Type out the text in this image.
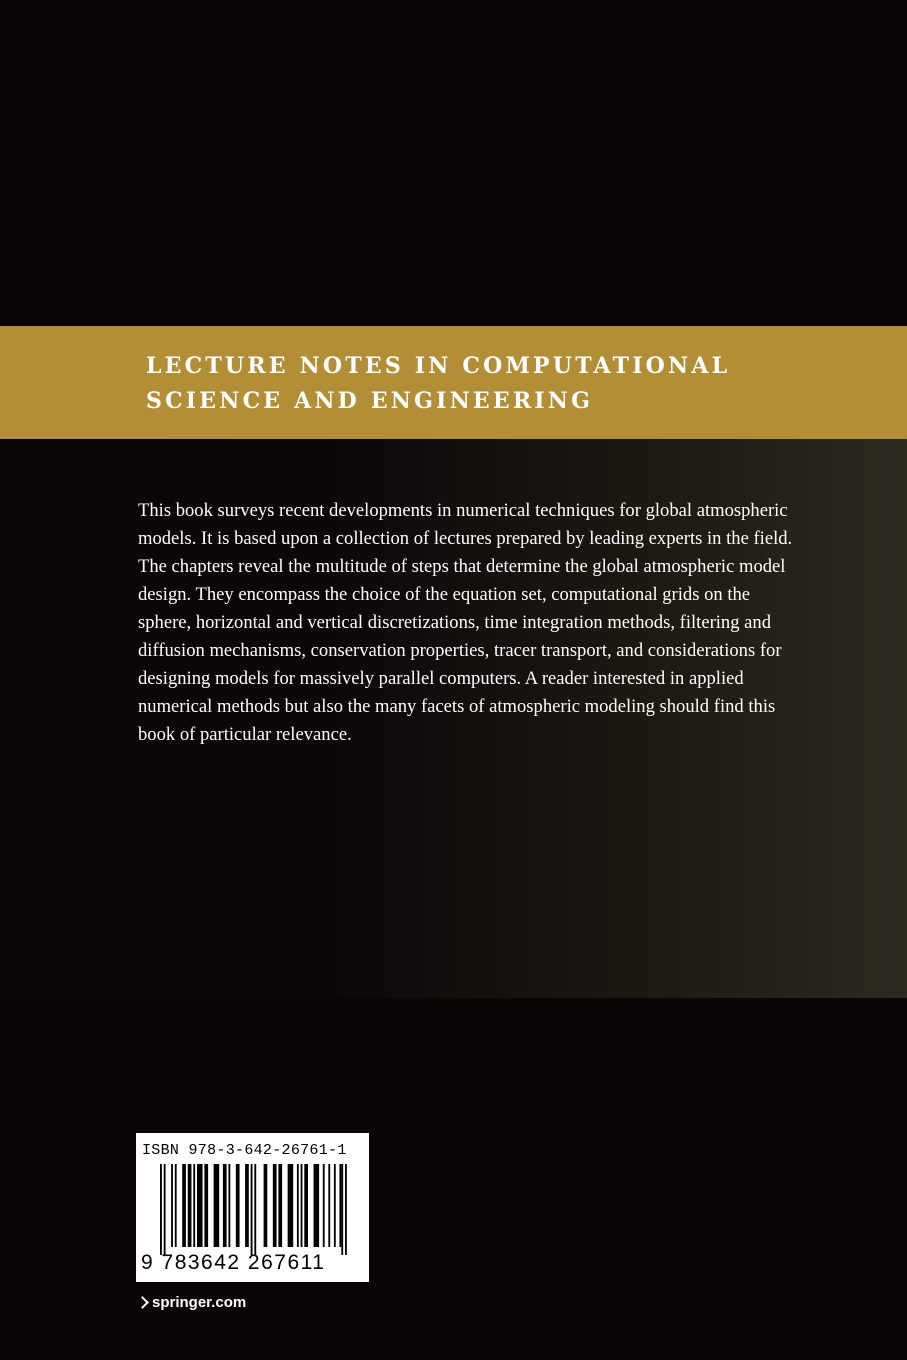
LECTURE NOTES IN COMPUTATIONAL
SCIENCE AND ENGINEERING

This book surveys recent developments in numerical techniques for global atmospheric models. It is based upon a collection of lectures prepared by leading experts in the field. The chapters reveal the multitude of steps that determine the global atmospheric model design. They encompass the choice of the equation set, computational grids on the sphere, horizontal and vertical discretizations, time integration methods, filtering and diffusion mechanisms, conservation properties, tracer transport, and considerations for designing models for massively parallel computers. A reader interested in applied numerical methods but also the many facets of atmospheric modeling should find this book of particular relevance.

ISBN 978-3-642-26761-1
9 783642 267611
springer.com
